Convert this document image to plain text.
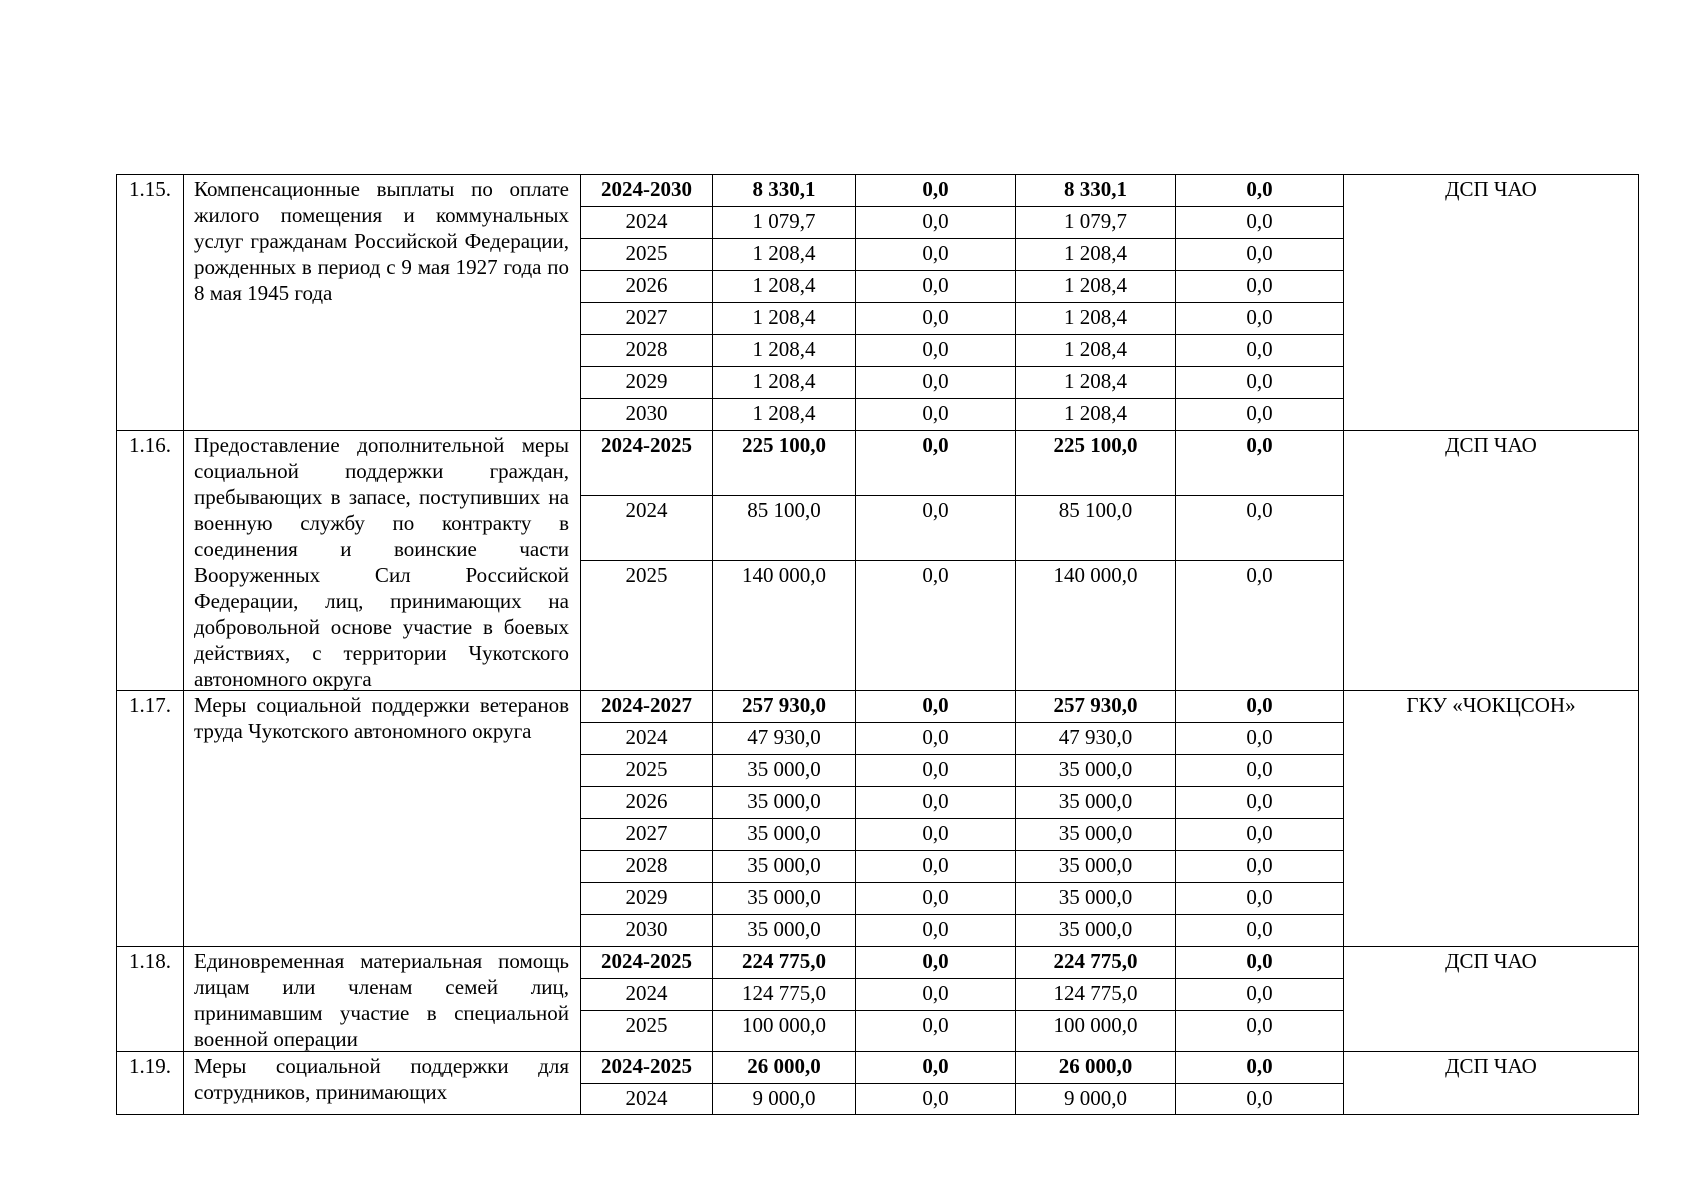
1.15.	Компенсационные выплаты по оплате жилого помещения и коммунальных услуг гражданам Российской Федерации, рожденных в период с 9 мая 1927 года по 8 мая 1945 года
ДСП ЧАО
2024-2030	8 330,1	0,0	8 330,1	0,0
2024	1 079,7	0,0	1 079,7	0,0
2025	1 208,4	0,0	1 208,4	0,0
2026	1 208,4	0,0	1 208,4	0,0
2027	1 208,4	0,0	1 208,4	0,0
2028	1 208,4	0,0	1 208,4	0,0
2029	1 208,4	0,0	1 208,4	0,0
2030	1 208,4	0,0	1 208,4	0,0
1.16.	Предоставление дополнительной меры социальной поддержки граждан, пребывающих в запасе, поступивших на военную службу по контракту в соединения и воинские части Вооруженных Сил Российской Федерации, лиц, принимающих на добровольной основе участие в боевых действиях, с территории Чукотского автономного округа
ДСП ЧАО
2024-2025	225 100,0	0,0	225 100,0	0,0
2024	85 100,0	0,0	85 100,0	0,0
2025	140 000,0	0,0	140 000,0	0,0
1.17.	Меры социальной поддержки ветеранов труда Чукотского автономного округа
ГКУ «ЧОКЦСОН»
2024-2027	257 930,0	0,0	257 930,0	0,0
2024	47 930,0	0,0	47 930,0	0,0
2025	35 000,0	0,0	35 000,0	0,0
2026	35 000,0	0,0	35 000,0	0,0
2027	35 000,0	0,0	35 000,0	0,0
2028	35 000,0	0,0	35 000,0	0,0
2029	35 000,0	0,0	35 000,0	0,0
2030	35 000,0	0,0	35 000,0	0,0
1.18.	Единовременная материальная помощь лицам или членам семей лиц, принимавшим участие в специальной военной операции
ДСП ЧАО
2024-2025	224 775,0	0,0	224 775,0	0,0
2024	124 775,0	0,0	124 775,0	0,0
2025	100 000,0	0,0	100 000,0	0,0
1.19.	Меры социальной поддержки для сотрудников, принимающих
ДСП ЧАО
2024-2025	26 000,0	0,0	26 000,0	0,0
2024	9 000,0	0,0	9 000,0	0,0
